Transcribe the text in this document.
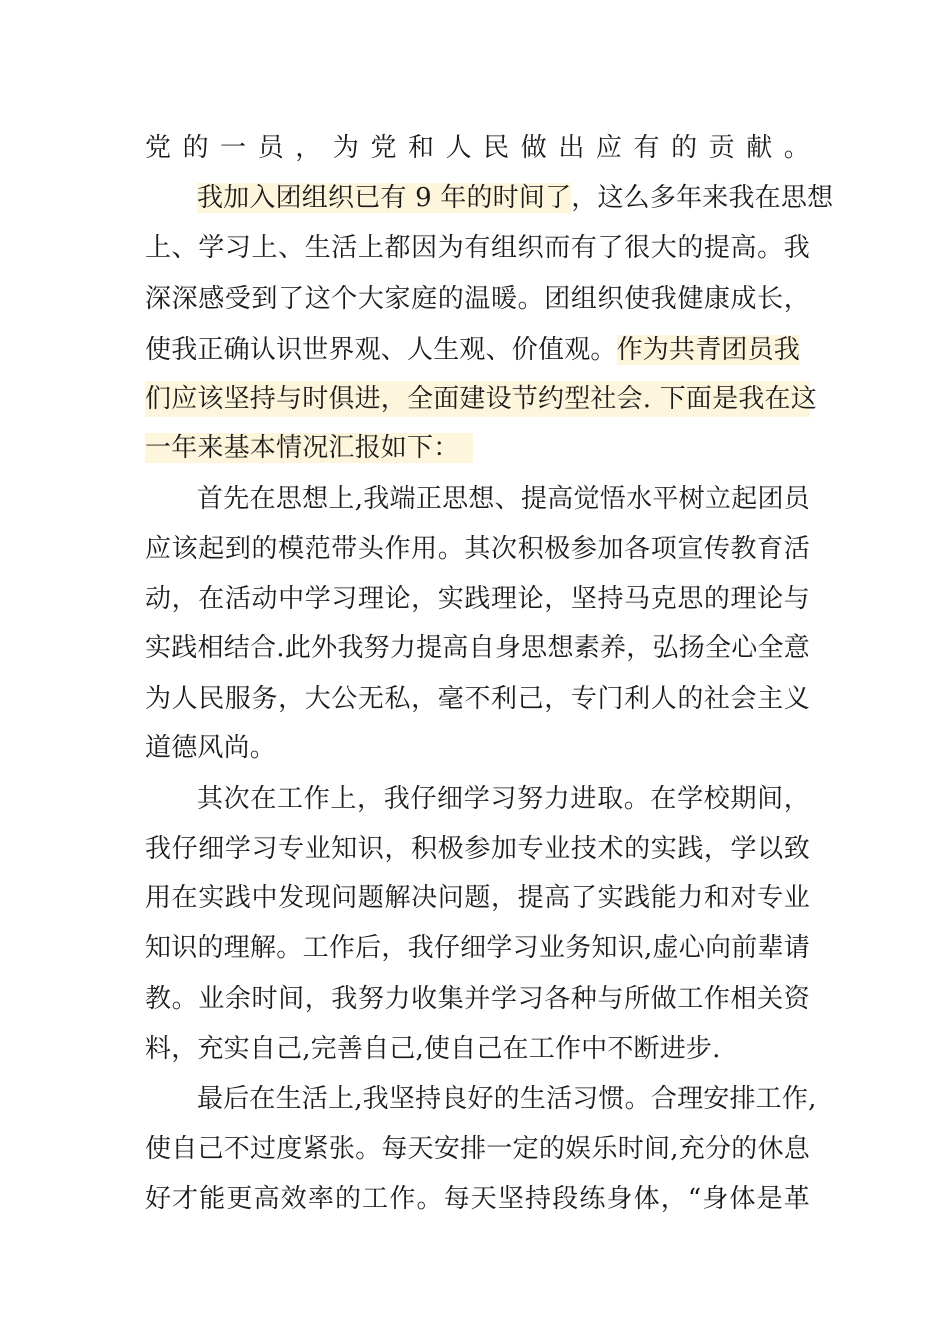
党的一员，为党和人民做出应有的贡献。
我加入团组织已有 9 年的时间了，这么多年来我在思想
上、学习上、生活上都因为有组织而有了很大的提高。我
深深感受到了这个大家庭的温暖。团组织使我健康成长，
使我正确认识世界观、人生观、价值观。作为共青团员我
们应该坚持与时俱进，全面建设节约型社会. 下面是我在这
一年来基本情况汇报如下：
首先在思想上,我端正思想、提高觉悟水平树立起团员
应该起到的模范带头作用。其次积极参加各项宣传教育活
动，在活动中学习理论，实践理论，坚持马克思的理论与
实践相结合.此外我努力提高自身思想素养，弘扬全心全意
为人民服务，大公无私，毫不利己，专门利人的社会主义
道德风尚。
其次在工作上，我仔细学习努力进取。在学校期间，
我仔细学习专业知识，积极参加专业技术的实践，学以致
用在实践中发现问题解决问题，提高了实践能力和对专业
知识的理解。工作后，我仔细学习业务知识,虚心向前辈请
教。业余时间，我努力收集并学习各种与所做工作相关资
料，充实自己,完善自己,使自己在工作中不断进步.
最后在生活上,我坚持良好的生活习惯。合理安排工作,
使自己不过度紧张。每天安排一定的娱乐时间,充分的休息
好才能更高效率的工作。每天坚持段练身体，“身体是革
